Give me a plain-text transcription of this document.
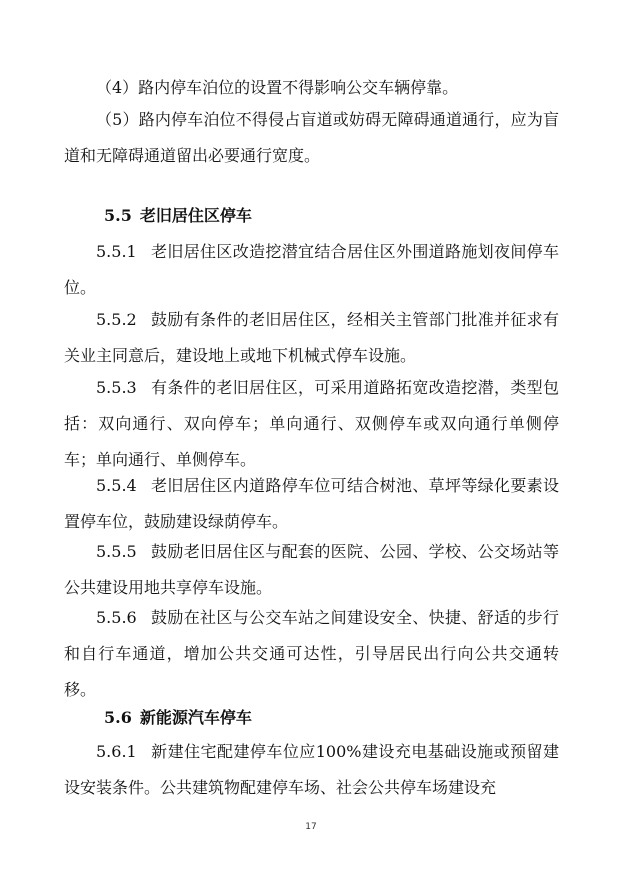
（4）路内停车泊位的设置不得影响公交车辆停靠。

（5）路内停车泊位不得侵占盲道或妨碍无障碍通道通行，应为盲道和无障碍通道留出必要通行宽度。

5.5 老旧居住区停车

5.5.1 老旧居住区改造挖潜宜结合居住区外围道路施划夜间停车位。

5.5.2 鼓励有条件的老旧居住区，经相关主管部门批准并征求有关业主同意后，建设地上或地下机械式停车设施。

5.5.3 有条件的老旧居住区，可采用道路拓宽改造挖潜，类型包括：双向通行、双向停车；单向通行、双侧停车或双向通行单侧停车；单向通行、单侧停车。

5.5.4 老旧居住区内道路停车位可结合树池、草坪等绿化要素设置停车位，鼓励建设绿荫停车。

5.5.5 鼓励老旧居住区与配套的医院、公园、学校、公交场站等公共建设用地共享停车设施。

5.5.6 鼓励在社区与公交车站之间建设安全、快捷、舒适的步行和自行车通道，增加公共交通可达性，引导居民出行向公共交通转移。

5.6 新能源汽车停车

5.6.1 新建住宅配建停车位应100%建设充电基础设施或预留建设安装条件。公共建筑物配建停车场、社会公共停车场建设充

17
